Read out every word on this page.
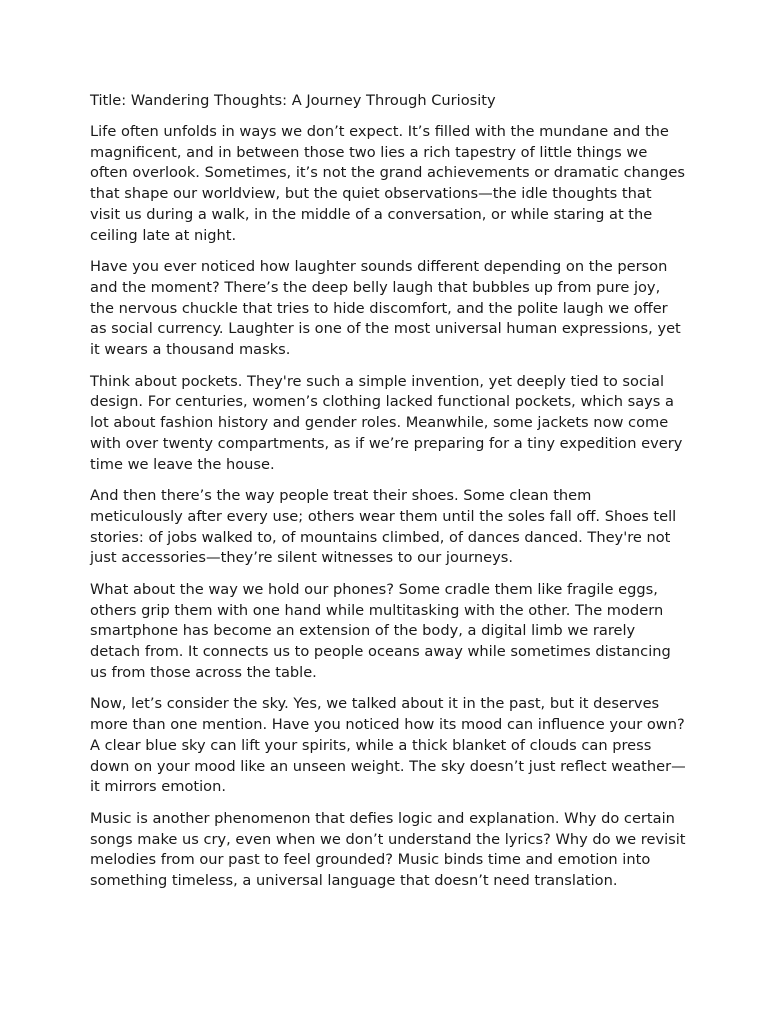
Title: Wandering Thoughts: A Journey Through Curiosity

Life often unfolds in ways we don’t expect. It’s filled with the mundane and the magnificent, and in between those two lies a rich tapestry of little things we often overlook. Sometimes, it’s not the grand achievements or dramatic changes that shape our worldview, but the quiet observations—the idle thoughts that visit us during a walk, in the middle of a conversation, or while staring at the ceiling late at night.

Have you ever noticed how laughter sounds different depending on the person and the moment? There’s the deep belly laugh that bubbles up from pure joy, the nervous chuckle that tries to hide discomfort, and the polite laugh we offer as social currency. Laughter is one of the most universal human expressions, yet it wears a thousand masks.

Think about pockets. They're such a simple invention, yet deeply tied to social design. For centuries, women’s clothing lacked functional pockets, which says a lot about fashion history and gender roles. Meanwhile, some jackets now come with over twenty compartments, as if we’re preparing for a tiny expedition every time we leave the house.

And then there’s the way people treat their shoes. Some clean them meticulously after every use; others wear them until the soles fall off. Shoes tell stories: of jobs walked to, of mountains climbed, of dances danced. They're not just accessories—they’re silent witnesses to our journeys.

What about the way we hold our phones? Some cradle them like fragile eggs, others grip them with one hand while multitasking with the other. The modern smartphone has become an extension of the body, a digital limb we rarely detach from. It connects us to people oceans away while sometimes distancing us from those across the table.

Now, let’s consider the sky. Yes, we talked about it in the past, but it deserves more than one mention. Have you noticed how its mood can influence your own? A clear blue sky can lift your spirits, while a thick blanket of clouds can press down on your mood like an unseen weight. The sky doesn’t just reflect weather—it mirrors emotion.

Music is another phenomenon that defies logic and explanation. Why do certain songs make us cry, even when we don’t understand the lyrics? Why do we revisit melodies from our past to feel grounded? Music binds time and emotion into something timeless, a universal language that doesn’t need translation.
